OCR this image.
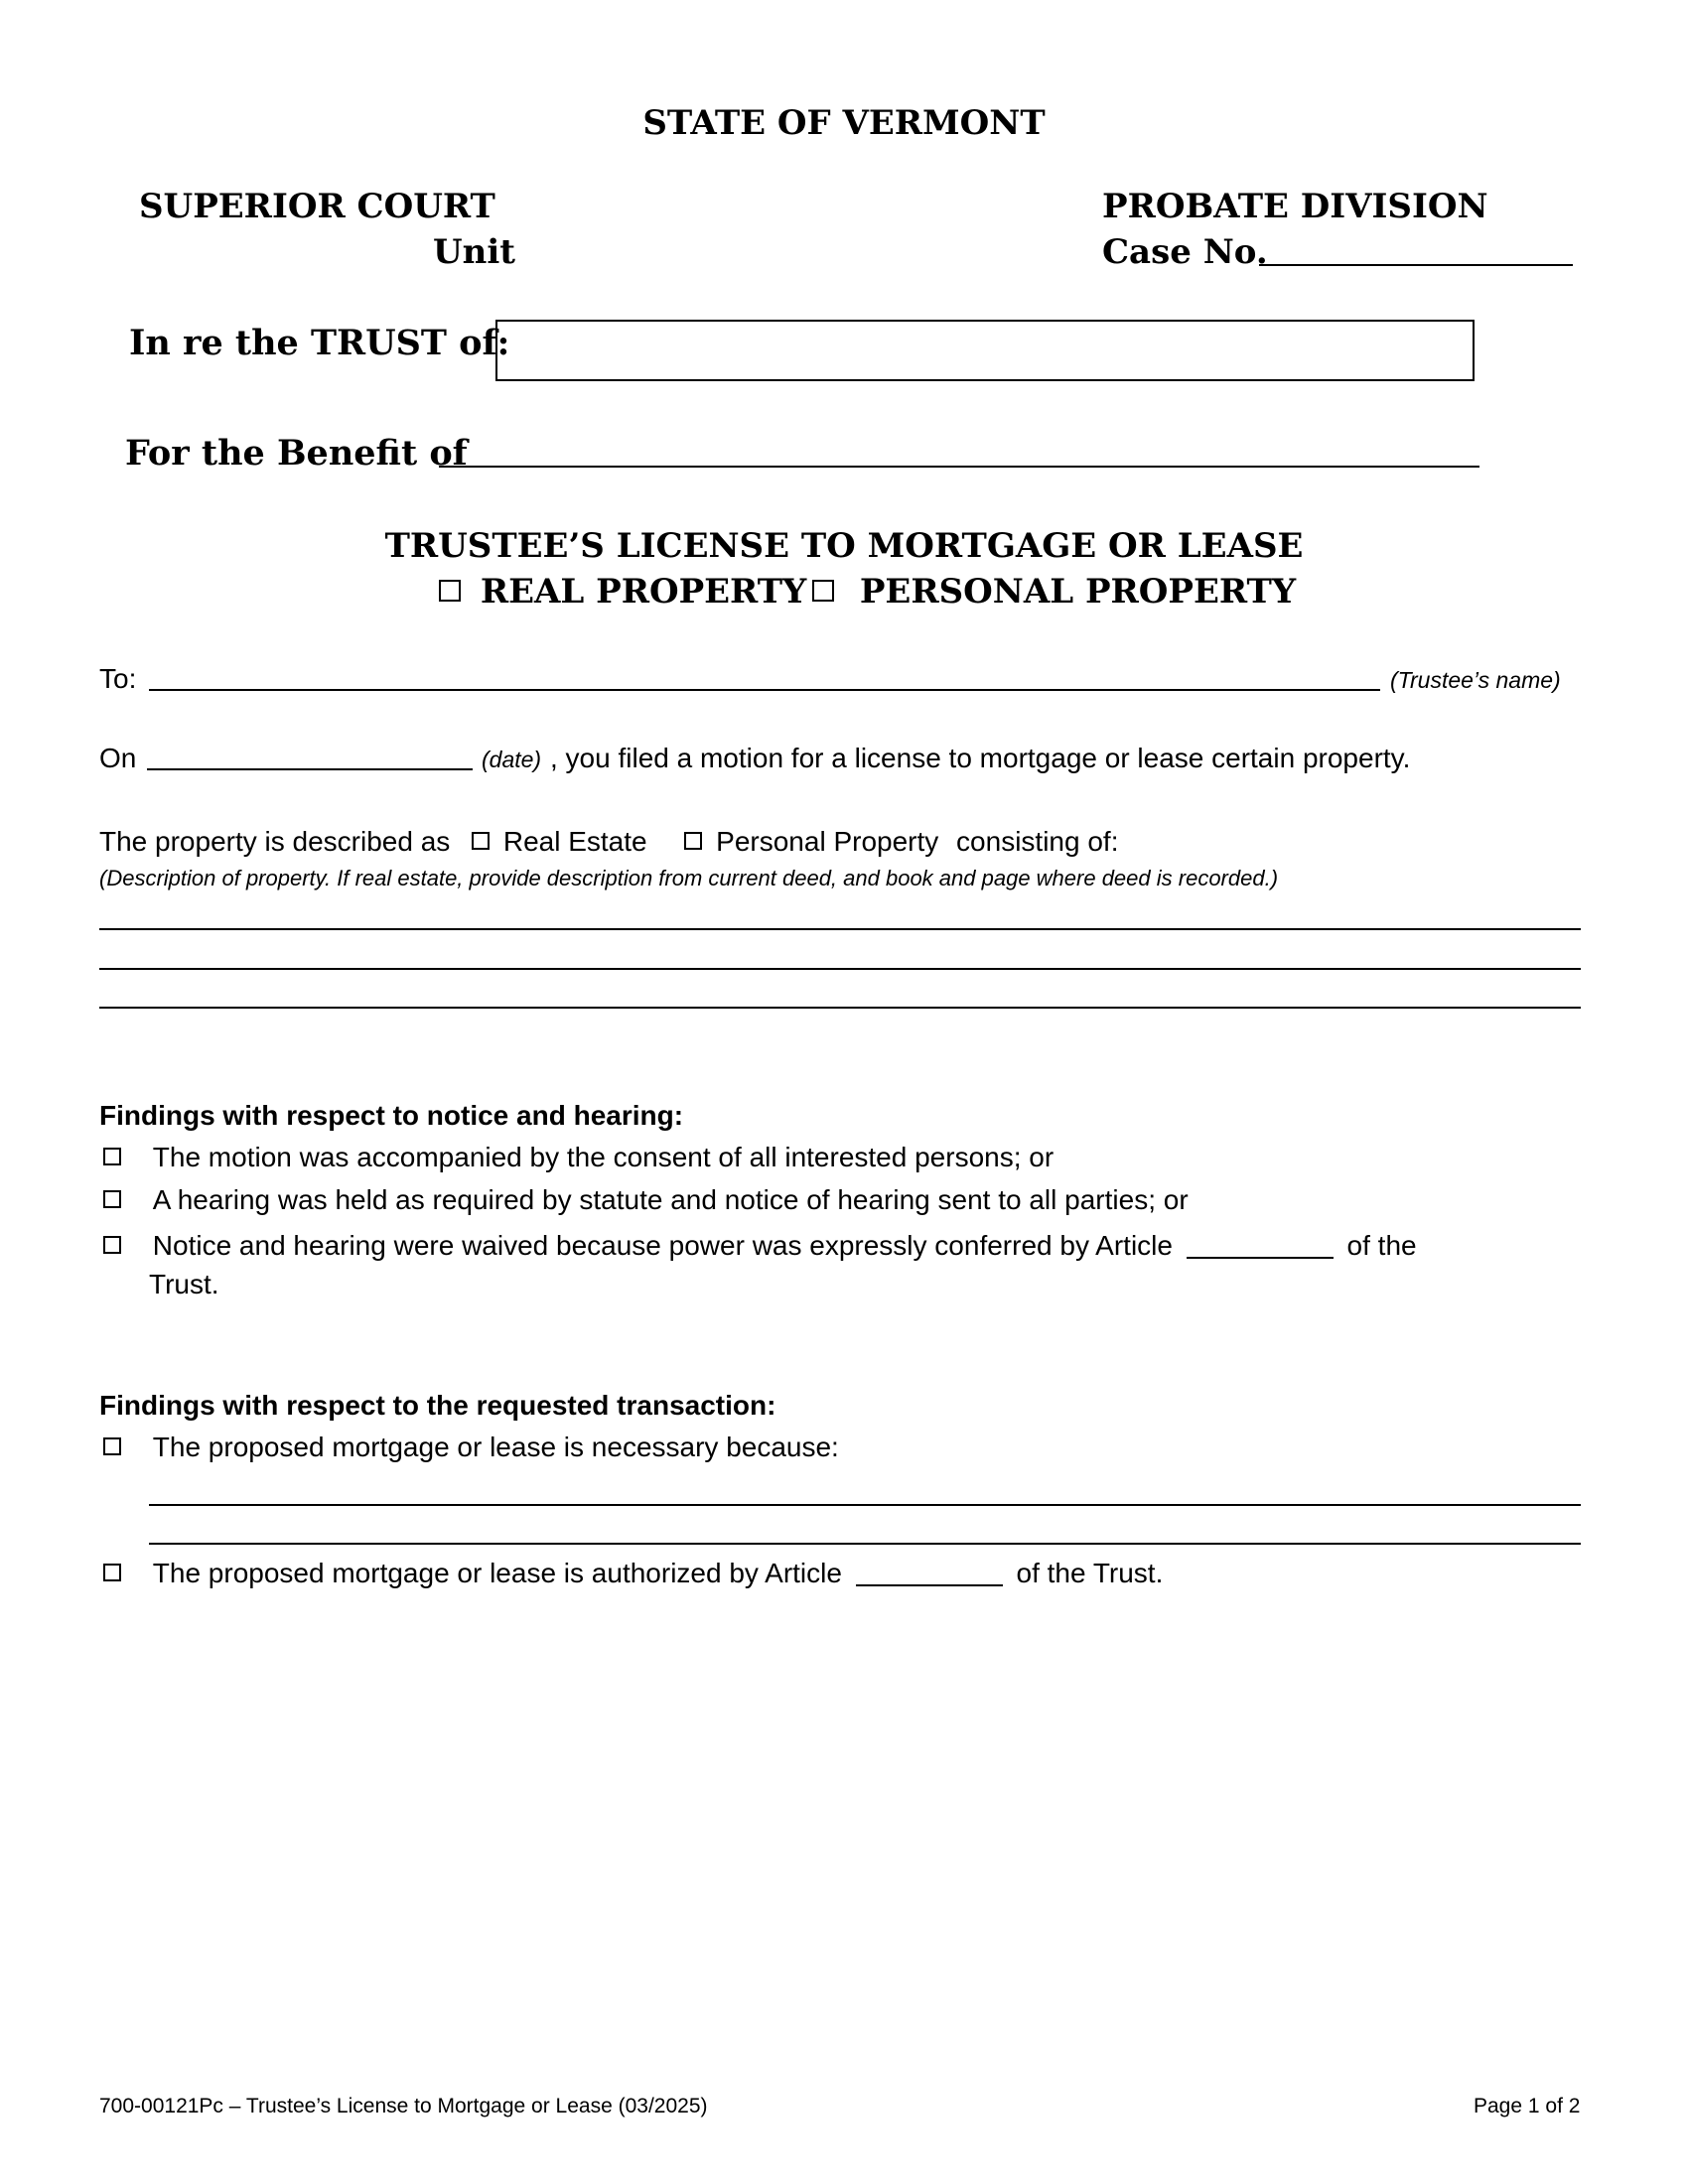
STATE OF VERMONT
SUPERIOR COURT
Unit
PROBATE DIVISION
Case No.
In re the TRUST of:
For the Benefit of
TRUSTEE’S LICENSE TO MORTGAGE OR LEASE
REAL PROPERTY	PERSONAL PROPERTY
To:	(Trustee’s name)
On	(date) , you filed a motion for a license to mortgage or lease certain property.
The property is described as Real Estate Personal Property consisting of:
(Description of property. If real estate, provide description from current deed, and book and page where deed is recorded.)
Findings with respect to notice and hearing:
The motion was accompanied by the consent of all interested persons; or
A hearing was held as required by statute and notice of hearing sent to all parties; or
Notice and hearing were waived because power was expressly conferred by Article	of the
Trust.
Findings with respect to the requested transaction:
The proposed mortgage or lease is necessary because:
The proposed mortgage or lease is authorized by Article	of the Trust.
700-00121Pc – Trustee’s License to Mortgage or Lease (03/2025)	Page 1 of 2
